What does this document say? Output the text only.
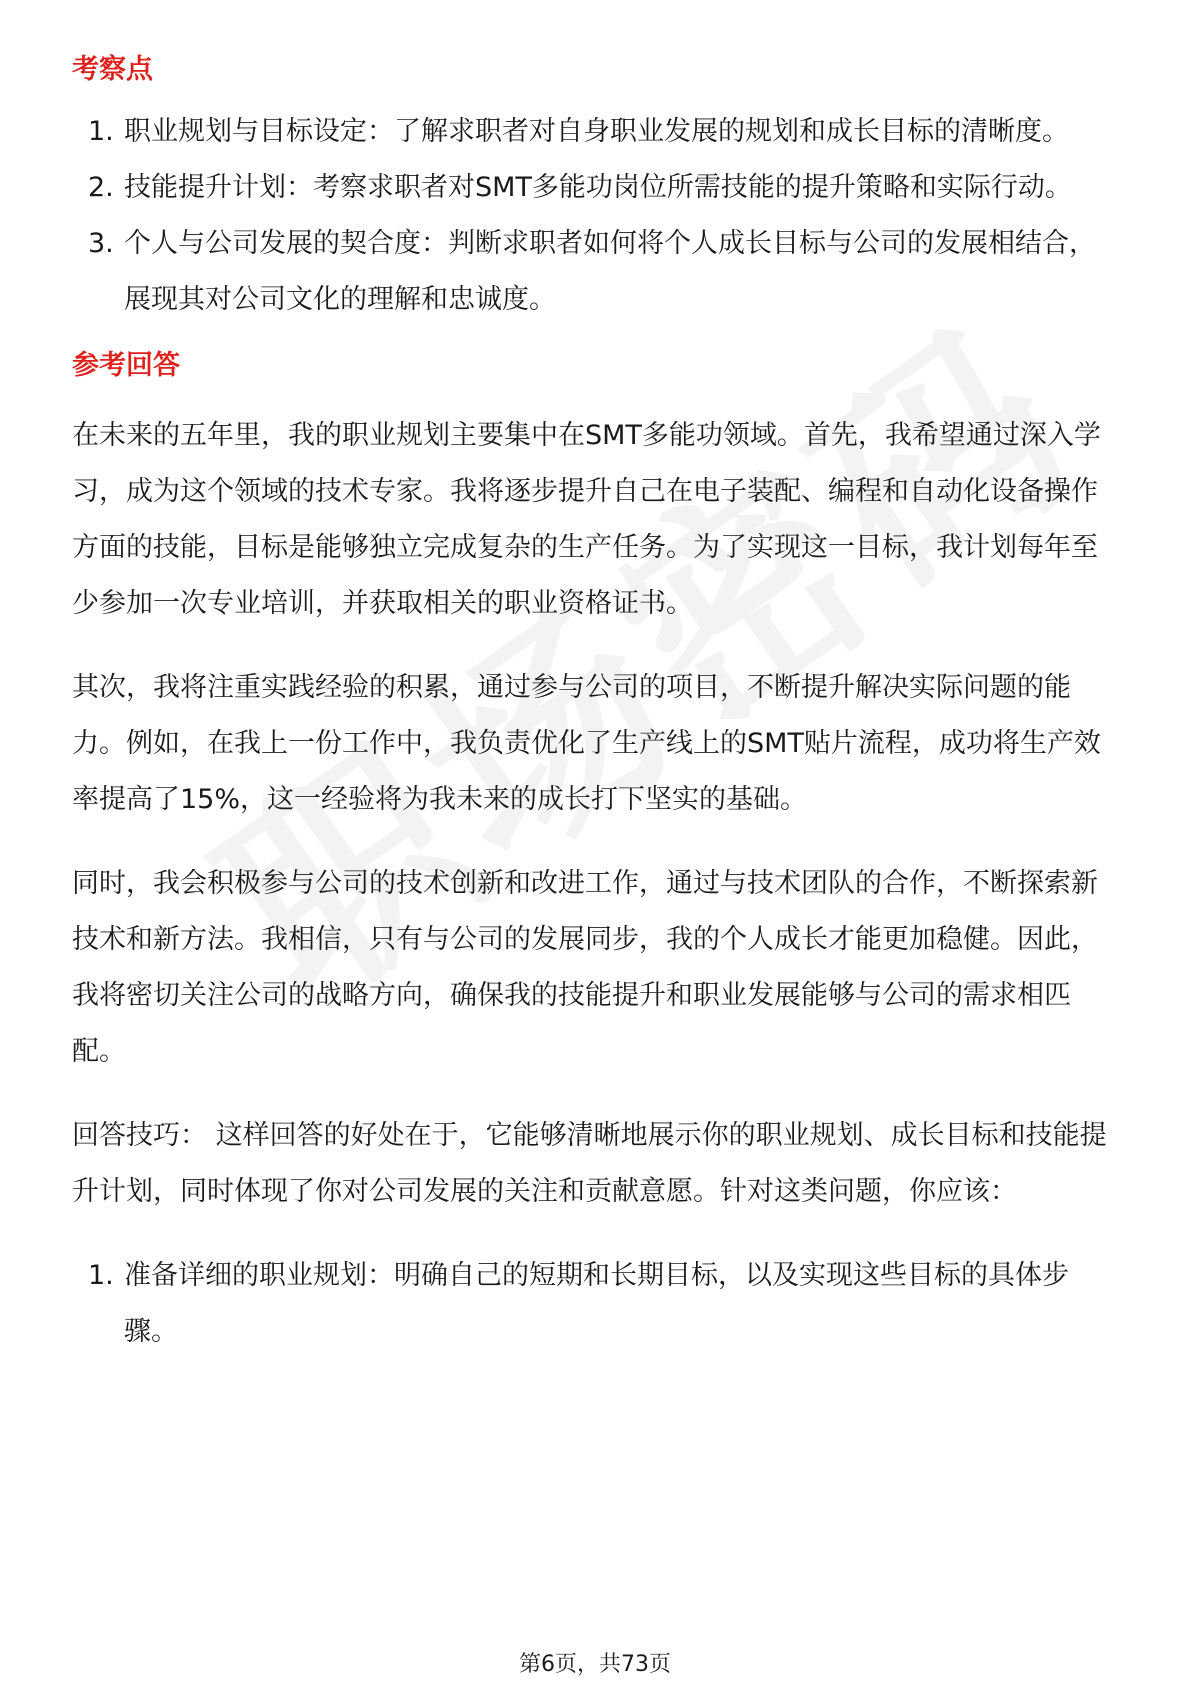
考察点
1. 职业规划与目标设定：了解求职者对自身职业发展的规划和成长目标的清晰度。
2. 技能提升计划：考察求职者对SMT多能功岗位所需技能的提升策略和实际行动。
3. 个人与公司发展的契合度：判断求职者如何将个人成长目标与公司的发展相结合，展现其对公司文化的理解和忠诚度。
参考回答

在未来的五年里，我的职业规划主要集中在SMT多能功领域。首先，我希望通过深入学习，成为这个领域的技术专家。我将逐步提升自己在电子装配、编程和自动化设备操作方面的技能，目标是能够独立完成复杂的生产任务。为了实现这一目标，我计划每年至少参加一次专业培训，并获取相关的职业资格证书。

其次，我将注重实践经验的积累，通过参与公司的项目，不断提升解决实际问题的能力。例如，在我上一份工作中，我负责优化了生产线上的SMT贴片流程，成功将生产效率提高了15%，这一经验将为我未来的成长打下坚实的基础。

同时，我会积极参与公司的技术创新和改进工作，通过与技术团队的合作，不断探索新技术和新方法。我相信，只有与公司的发展同步，我的个人成长才能更加稳健。因此，我将密切关注公司的战略方向，确保我的技能提升和职业发展能够与公司的需求相匹配。

回答技巧： 这样回答的好处在于，它能够清晰地展示你的职业规划、成长目标和技能提升计划，同时体现了你对公司发展的关注和贡献意愿。针对这类问题，你应该：

1. 准备详细的职业规划：明确自己的短期和长期目标，以及实现这些目标的具体步骤。
第6页，共73页
